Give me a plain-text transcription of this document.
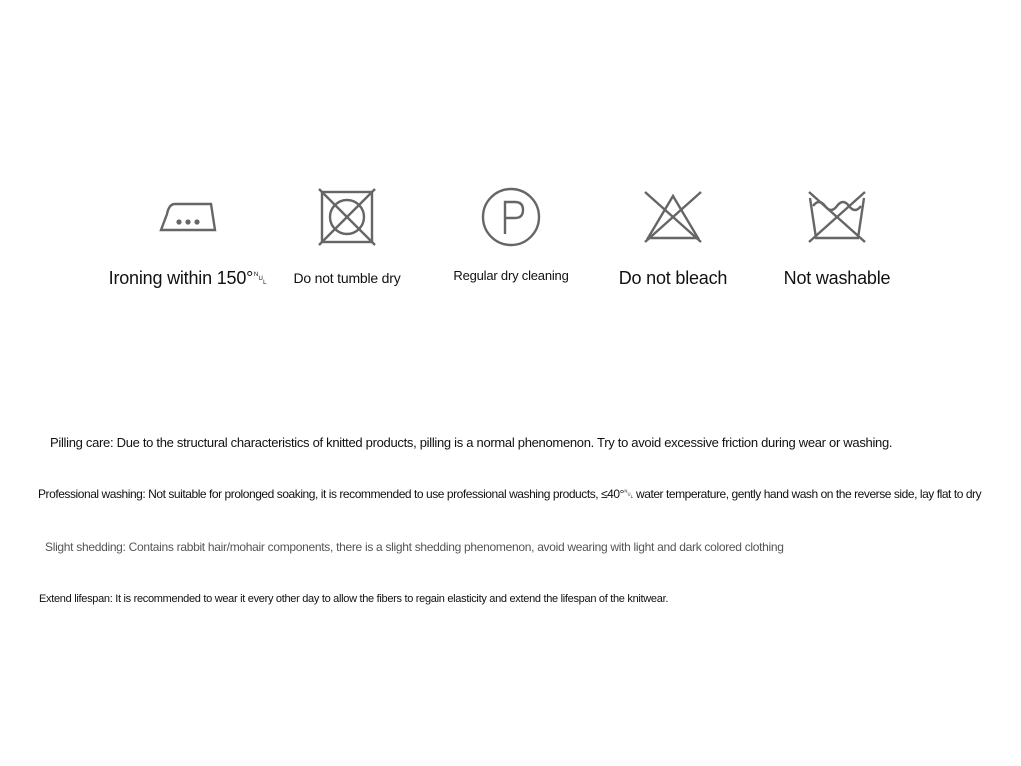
Ironing within 150°␀	Do not tumble dry	Regular dry cleaning	Do not bleach	Not washable
Pilling care: Due to the structural characteristics of knitted products, pilling is a normal phenomenon. Try to avoid excessive friction during wear or washing.
Professional washing: Not suitable for prolonged soaking, it is recommended to use professional washing products, ≤40°␀ water temperature, gently hand wash on the reverse side, lay flat to dry
Slight shedding: Contains rabbit hair/mohair components, there is a slight shedding phenomenon, avoid wearing with light and dark colored clothing
Extend lifespan: It is recommended to wear it every other day to allow the fibers to regain elasticity and extend the lifespan of the knitwear.
